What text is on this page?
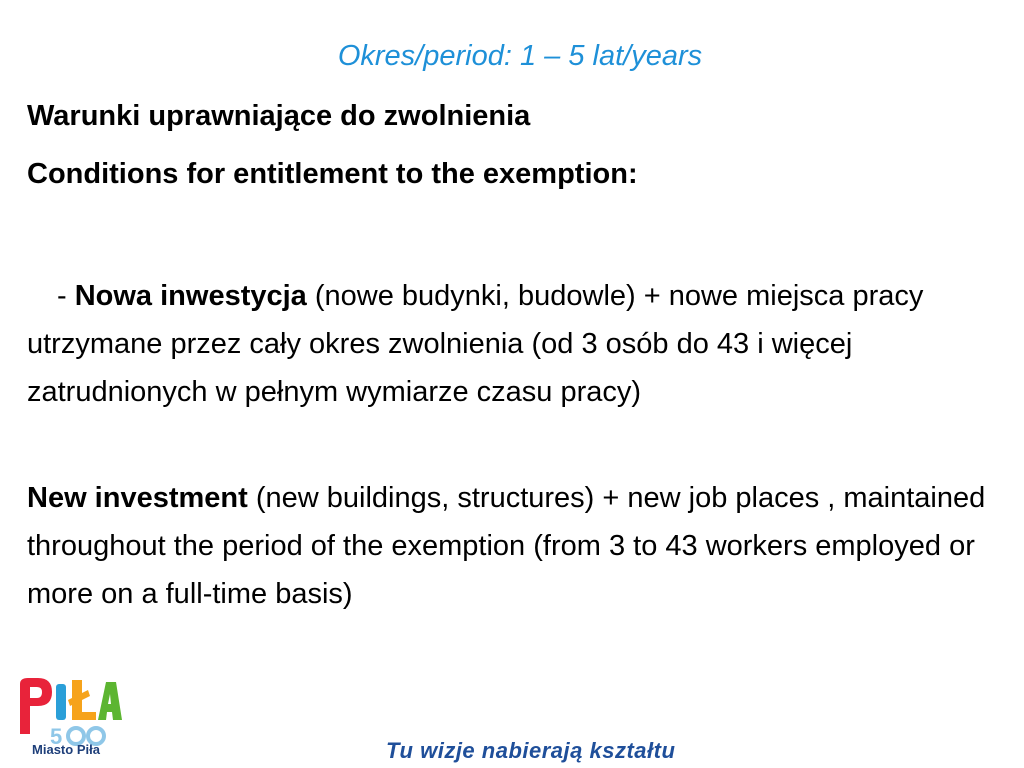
Okres/period: 1 – 5 lat/years
Warunki uprawniające do zwolnienia
Conditions for entitlement to the exemption:
- Nowa inwestycja (nowe budynki, budowle) + nowe miejsca pracy utrzymane przez cały okres zwolnienia (od 3 osób do 43 i więcej zatrudnionych w pełnym wymiarze czasu pracy)
New investment (new buildings, structures) + new job places , maintained throughout the period of the exemption (from 3 to 43 workers employed or more on a full-time basis)
5
Miasto Piła	Tu wizje nabierają kształtu
